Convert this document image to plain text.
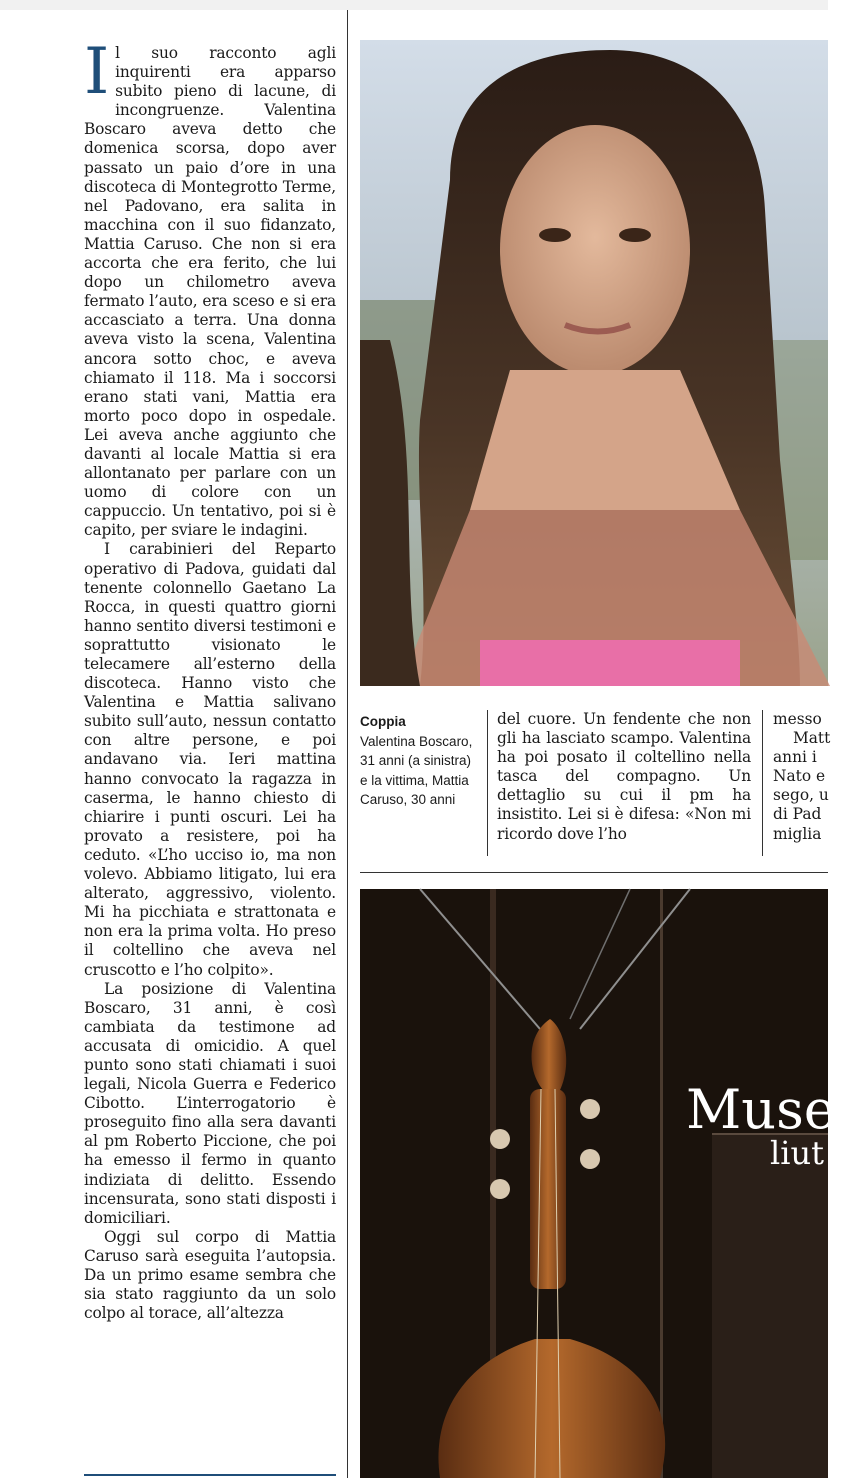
Il suo racconto agli inquirenti era apparso subito pieno di lacune, di incongruenze. Valentina Boscaro aveva detto che domenica scorsa, dopo aver passato un paio d’ore in una discoteca di Montegrotto Terme, nel Padovano, era salita in macchina con il suo fidanzato, Mattia Caruso. Che non si era accorta che era ferito, che lui dopo un chilometro aveva fermato l’auto, era sceso e si era accasciato a terra. Una donna aveva visto la scena, Valentina ancora sotto choc, e aveva chiamato il 118. Ma i soccorsi erano stati vani, Mattia era morto poco dopo in ospedale. Lei aveva anche aggiunto che davanti al locale Mattia si era allontanato per parlare con un uomo di colore con un cappuccio. Un tentativo, poi si è capito, per sviare le indagini.

I carabinieri del Reparto operativo di Padova, guidati dal tenente colonnello Gaetano La Rocca, in questi quattro giorni hanno sentito diversi testimoni e soprattutto visionato le telecamere all’esterno della discoteca. Hanno visto che Valentina e Mattia salivano subito sull’auto, nessun contatto con altre persone, e poi andavano via. Ieri mattina hanno convocato la ragazza in caserma, le hanno chiesto di chiarire i punti oscuri. Lei ha provato a resistere, poi ha ceduto. «L’ho ucciso io, ma non volevo. Abbiamo litigato, lui era alterato, aggressivo, violento. Mi ha picchiata e strattonata e non era la prima volta. Ho preso il coltellino che aveva nel cruscotto e l’ho colpito».

La posizione di Valentina Boscaro, 31 anni, è così cambiata da testimone ad accusata di omicidio. A quel punto sono stati chiamati i suoi legali, Nicola Guerra e Federico Cibotto. L’interrogatorio è proseguito fino alla sera davanti al pm Roberto Piccione, che poi ha emesso il fermo in quanto indiziata di delitto. Essendo incensurata, sono stati disposti i domiciliari.

Oggi sul corpo di Mattia Caruso sarà eseguita l’autopsia. Da un primo esame sembra che sia stato raggiunto da un solo colpo al torace, all’altezza

Coppia
Valentina Boscaro, 31 anni (a sinistra) e la vittima, Mattia Caruso, 30 anni

del cuore. Un fendente che non gli ha lasciato scampo. Valentina ha poi posato il coltellino nella tasca del compagno. Un dettaglio su cui il pm ha insistito. Lei si è difesa: «Non mi ricordo dove l’ho

messo
Matt
anni i
Nato e
sego, u
di Pad
miglia
Museo
liut
